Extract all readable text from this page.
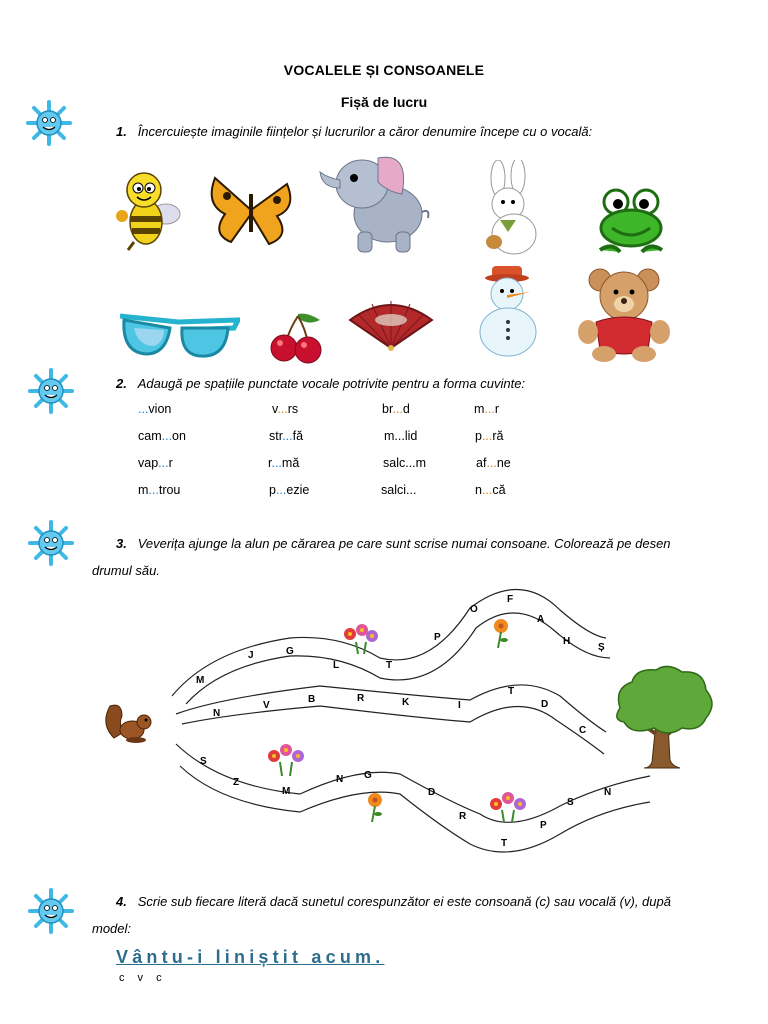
VOCALELE ȘI CONSOANELE
Fișă de lucru
1. Încercuiește imaginile ființelor și lucrurilor a căror denumire începe cu o vocală:
2. Adaugă pe spațiile punctate vocale potrivite pentru a forma cuvinte:
...vion	v...rs	br...d	m...r
cam...on	str...fă	m...lid	p...ră
vap...r	r...mă	salc...m	af...ne
m...trou	p...ezie	salci...	n...că
3. Veverița ajunge la alun pe cărarea pe care sunt scrise numai consoane. Colorează pe desen
drumul său.
M
J	G
L	T
P
O
F
A
H
Ș
N
V
B	R	K	I
T
D
C
S
Z
M
N G
D
R
T
P
S
N
4. Scrie sub fiecare literă dacă sunetul corespunzător ei este consoană (c) sau vocală (v), după
model:
Vântu-i liniștit acum.
c v c
